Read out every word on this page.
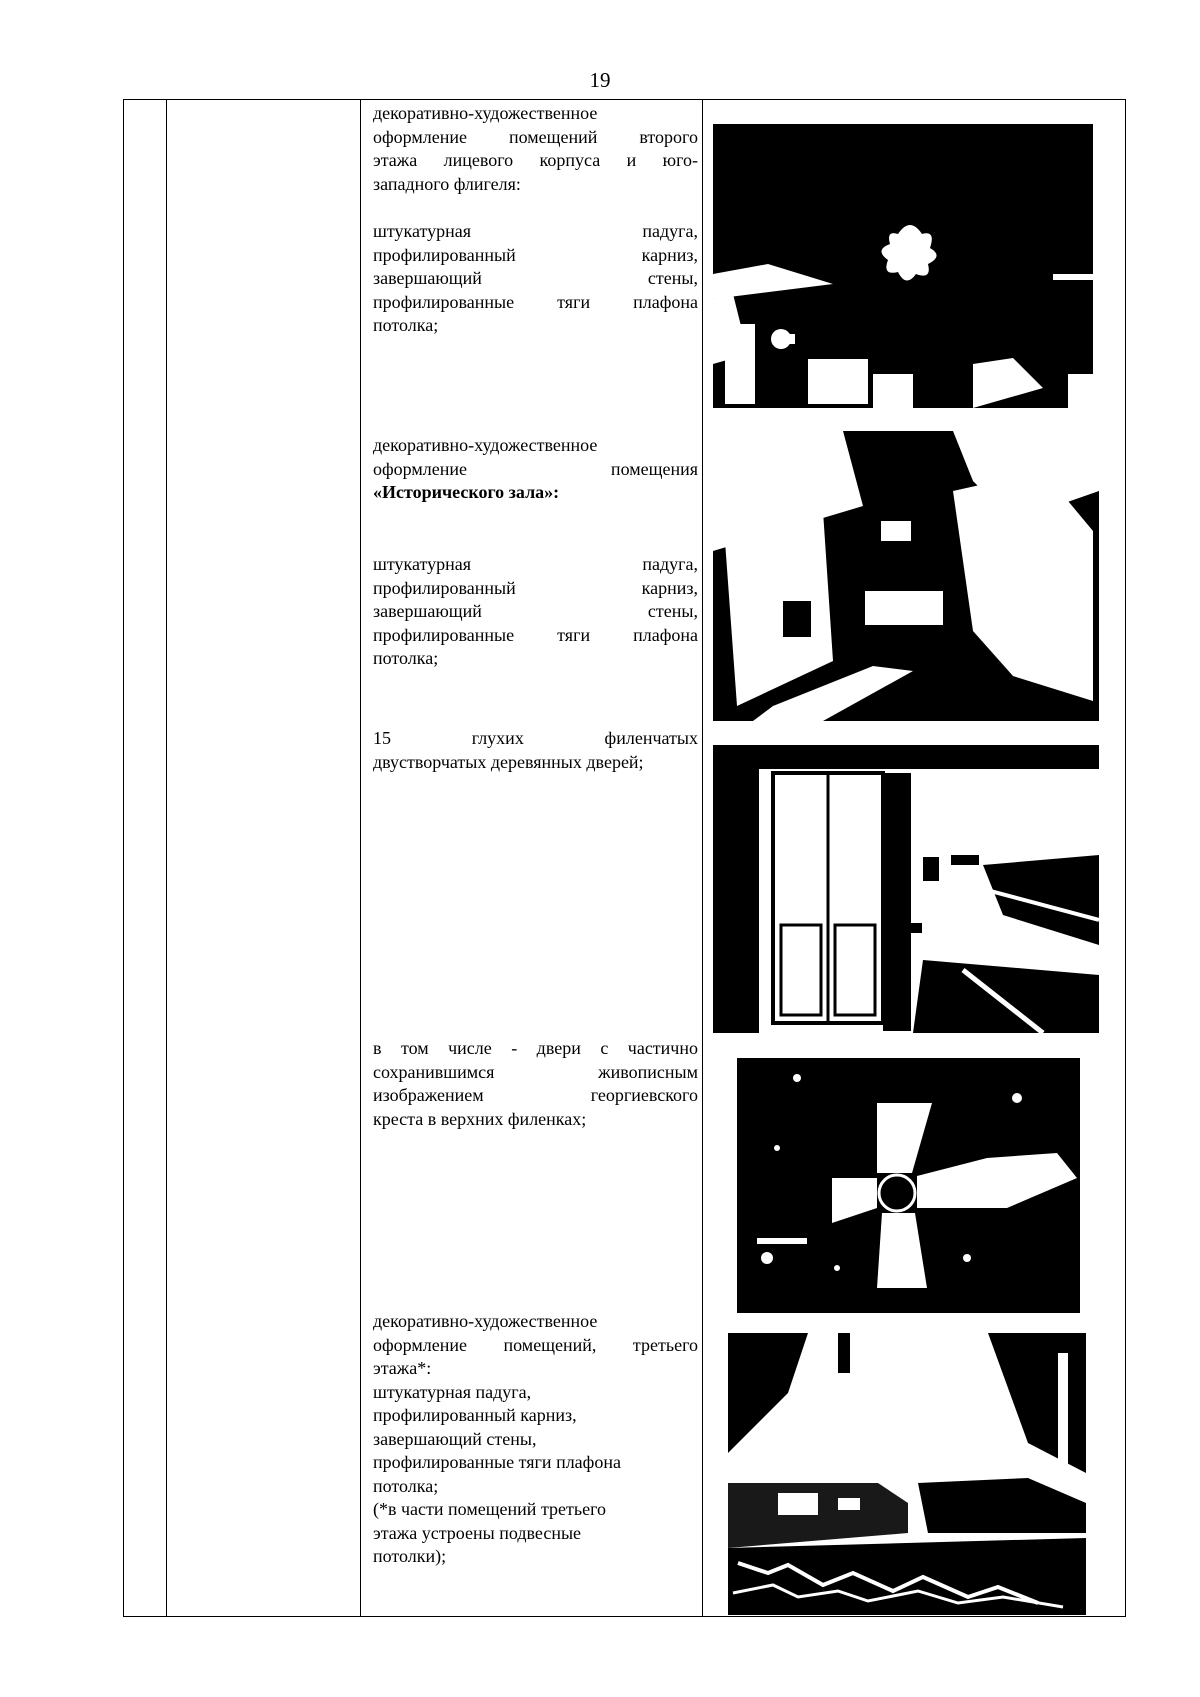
19
декоративно-художественное
оформление помещений второго
этажа лицевого корпуса и юго-
западного флигеля:
штукатурная падуга,
профилированный карниз,
завершающий стены,
профилированные тяги плафона
потолка;
декоративно-художественное
оформление помещения
«Исторического зала»:
штукатурная падуга,
профилированный карниз,
завершающий стены,
профилированные тяги плафона
потолка;
15 глухих филенчатых
двустворчатых деревянных дверей;
в том числе - двери с частично
сохранившимся живописным
изображением георгиевского
креста в верхних филенках;
декоративно-художественное
оформление помещений, третьего
этажа*:
штукатурная падуга,
профилированный карниз,
завершающий стены,
профилированные тяги плафона
потолка;
(*в части помещений третьего
этажа устроены подвесные
потолки);
